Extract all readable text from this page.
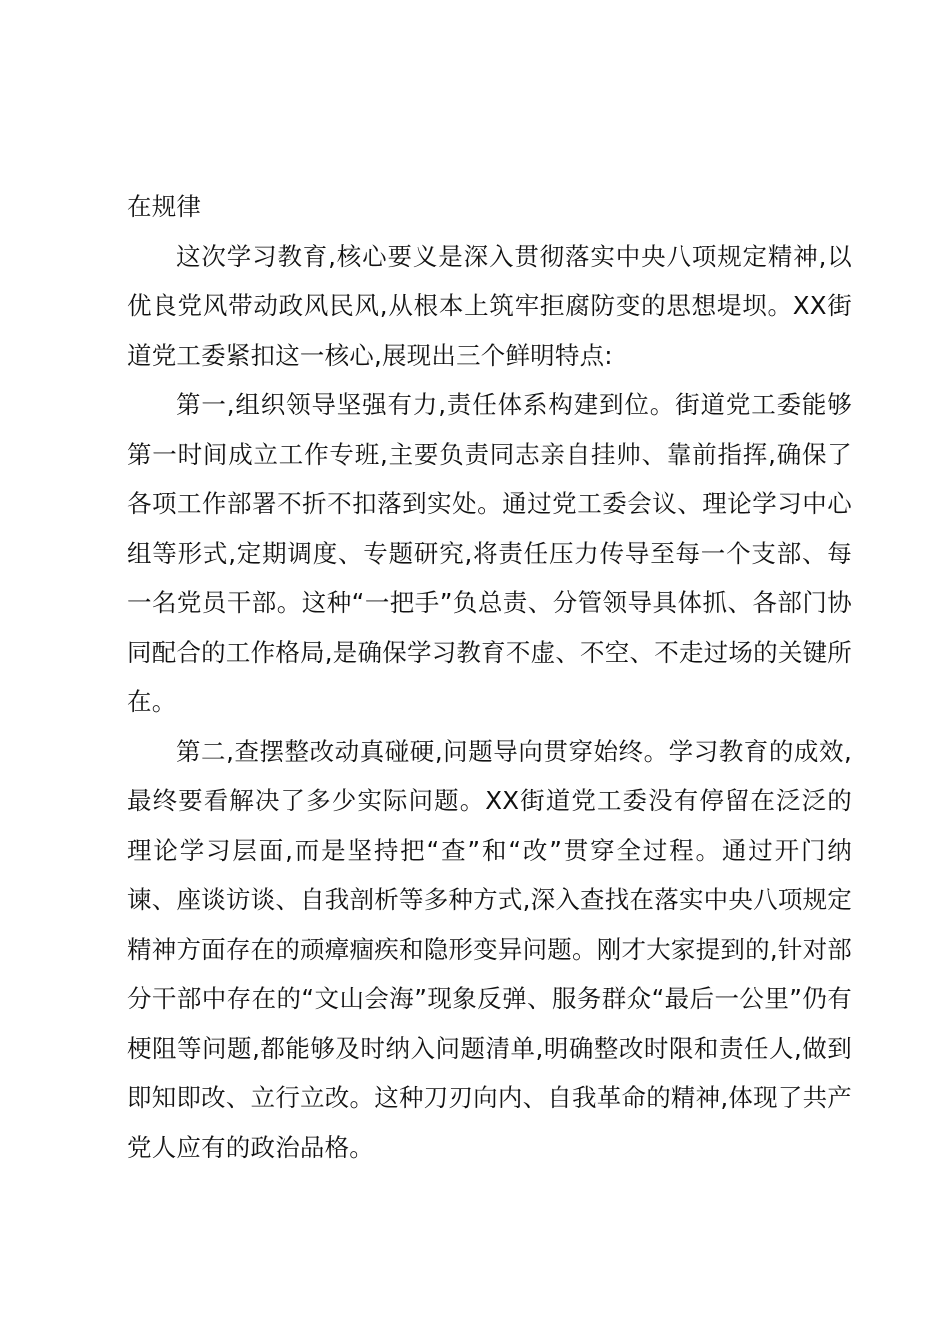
在规律

这次学习教育,核心要义是深入贯彻落实中央八项规定精神,以优良党风带动政风民风,从根本上筑牢拒腐防变的思想堤坝。XX街道党工委紧扣这一核心,展现出三个鲜明特点:

第一,组织领导坚强有力,责任体系构建到位。街道党工委能够第一时间成立工作专班,主要负责同志亲自挂帅、靠前指挥,确保了各项工作部署不折不扣落到实处。通过党工委会议、理论学习中心组等形式,定期调度、专题研究,将责任压力传导至每一个支部、每一名党员干部。这种“一把手”负总责、分管领导具体抓、各部门协同配合的工作格局,是确保学习教育不虚、不空、不走过场的关键所在。

第二,查摆整改动真碰硬,问题导向贯穿始终。学习教育的成效,最终要看解决了多少实际问题。XX街道党工委没有停留在泛泛的理论学习层面,而是坚持把“查”和“改”贯穿全过程。通过开门纳谏、座谈访谈、自我剖析等多种方式,深入查找在落实中央八项规定精神方面存在的顽瘴痼疾和隐形变异问题。刚才大家提到的,针对部分干部中存在的“文山会海”现象反弹、服务群众“最后一公里”仍有梗阻等问题,都能够及时纳入问题清单,明确整改时限和责任人,做到即知即改、立行立改。这种刀刃向内、自我革命的精神,体现了共产党人应有的政治品格。
